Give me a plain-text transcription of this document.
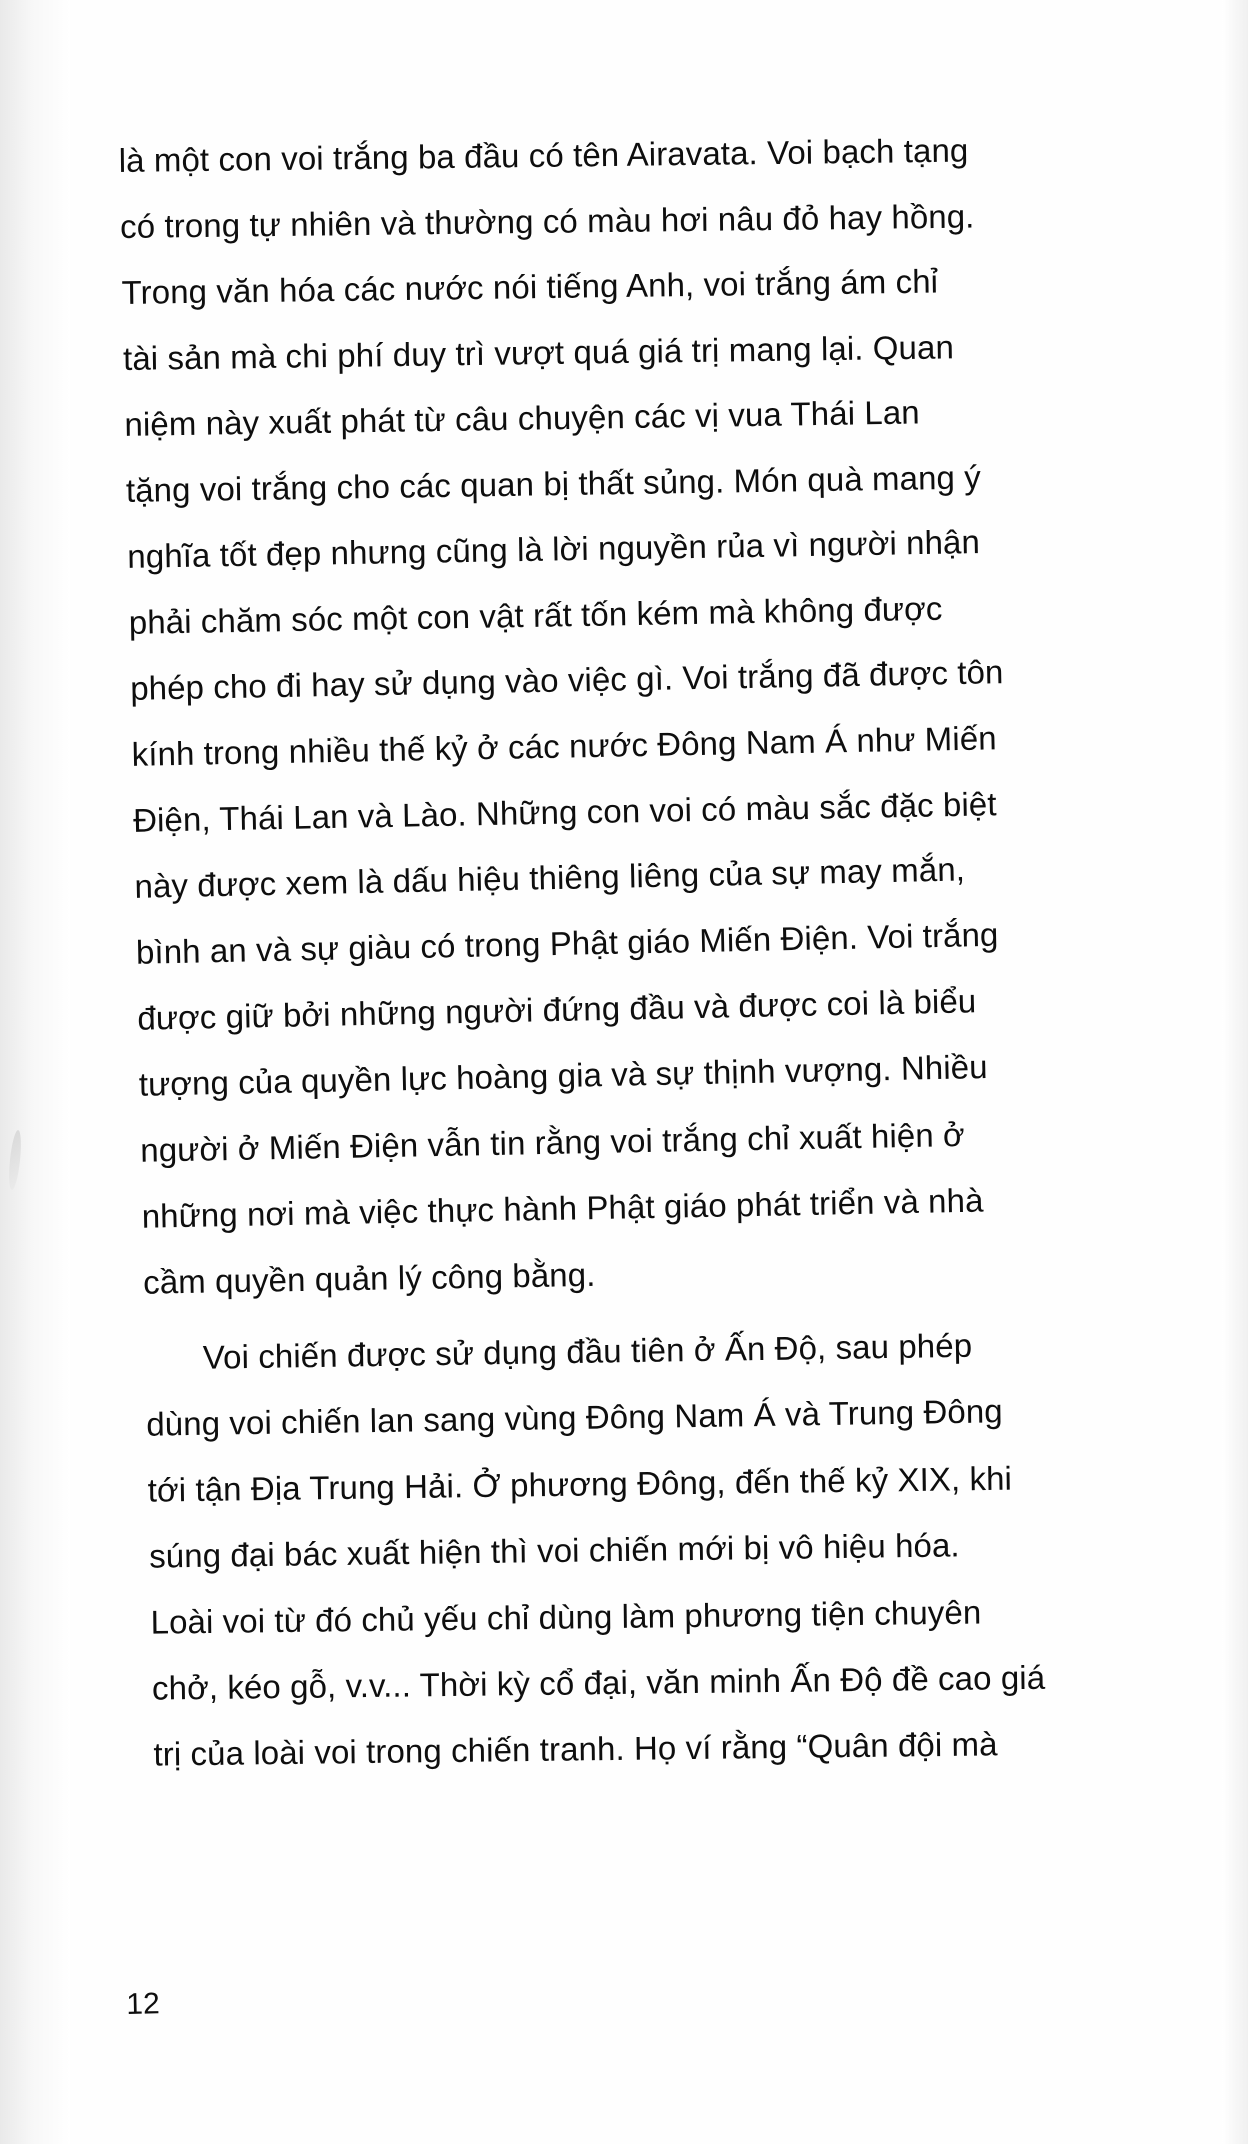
là một con voi trắng ba đầu có tên Airavata. Voi bạch tạng
có trong tự nhiên và thường có màu hơi nâu đỏ hay hồng.
Trong văn hóa các nước nói tiếng Anh, voi trắng ám chỉ
tài sản mà chi phí duy trì vượt quá giá trị mang lại. Quan
niệm này xuất phát từ câu chuyện các vị vua Thái Lan
tặng voi trắng cho các quan bị thất sủng. Món quà mang ý
nghĩa tốt đẹp nhưng cũng là lời nguyền rủa vì người nhận
phải chăm sóc một con vật rất tốn kém mà không được
phép cho đi hay sử dụng vào việc gì. Voi trắng đã được tôn
kính trong nhiều thế kỷ ở các nước Đông Nam Á như Miến
Điện, Thái Lan và Lào. Những con voi có màu sắc đặc biệt
này được xem là dấu hiệu thiêng liêng của sự may mắn,
bình an và sự giàu có trong Phật giáo Miến Điện. Voi trắng
được giữ bởi những người đứng đầu và được coi là biểu
tượng của quyền lực hoàng gia và sự thịnh vượng. Nhiều
người ở Miến Điện vẫn tin rằng voi trắng chỉ xuất hiện ở
những nơi mà việc thực hành Phật giáo phát triển và nhà
cầm quyền quản lý công bằng.

Voi chiến được sử dụng đầu tiên ở Ấn Độ, sau phép
dùng voi chiến lan sang vùng Đông Nam Á và Trung Đông
tới tận Địa Trung Hải. Ở phương Đông, đến thế kỷ XIX, khi
súng đại bác xuất hiện thì voi chiến mới bị vô hiệu hóa.
Loài voi từ đó chủ yếu chỉ dùng làm phương tiện chuyên
chở, kéo gỗ, v.v... Thời kỳ cổ đại, văn minh Ấn Độ đề cao giá
trị của loài voi trong chiến tranh. Họ ví rằng “Quân đội mà

12
